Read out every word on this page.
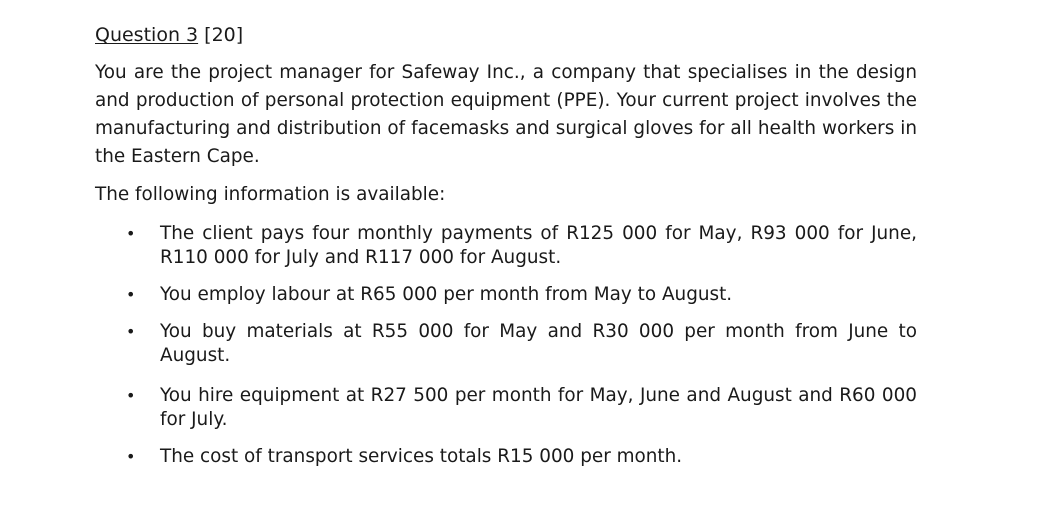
Question 3 [20]

You are the project manager for Safeway Inc., a company that specialises in the design and production of personal protection equipment (PPE). Your current project involves the manufacturing and distribution of facemasks and surgical gloves for all health workers in the Eastern Cape.

The following information is available:

• The client pays four monthly payments of R125 000 for May, R93 000 for June, R110 000 for July and R117 000 for August.
• You employ labour at R65 000 per month from May to August.
• You buy materials at R55 000 for May and R30 000 per month from June to August.
• You hire equipment at R27 500 per month for May, June and August and R60 000 for July.
• The cost of transport services totals R15 000 per month.
